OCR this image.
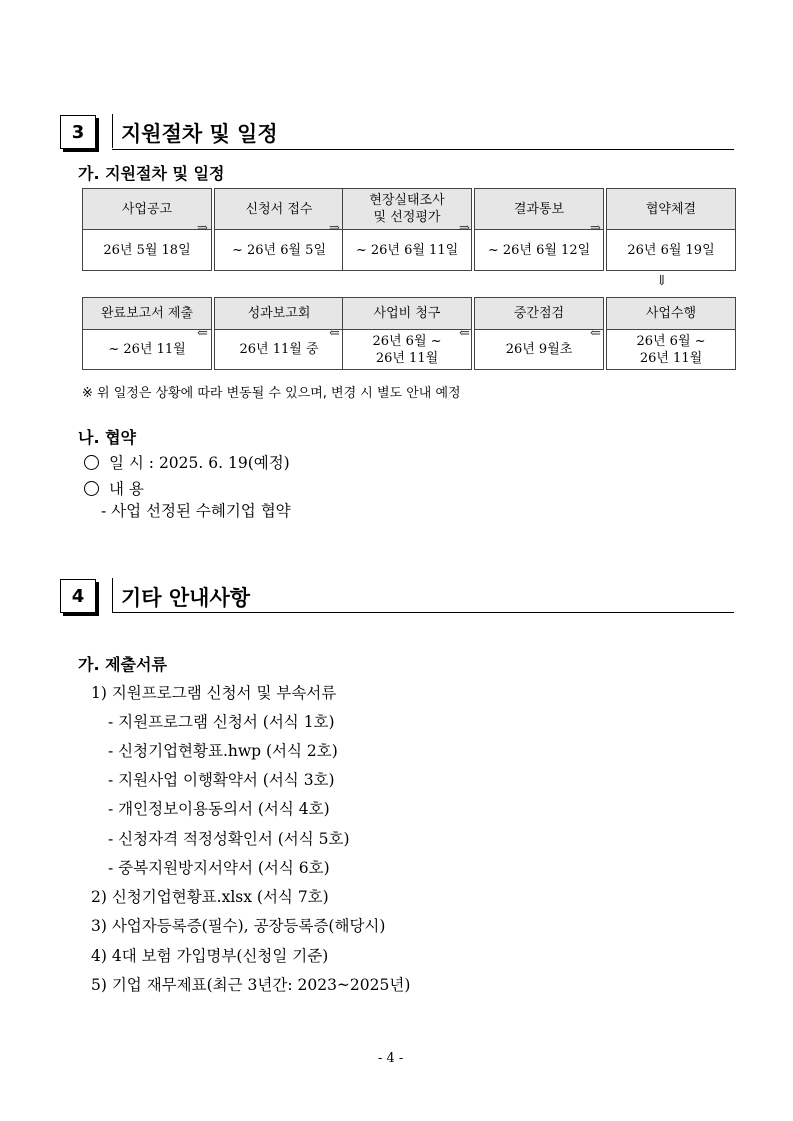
3	지원절차 및 일정
가. 지원절차 및 일정
사업공고
26년 5월 18일
⇒
신청서 접수
~ 26년 6월 5일
⇒
현장실태조사
및 선정평가
~ 26년 6월 11일
⇒
결과통보
~ 26년 6월 12일
⇒
협약체결
26년 6월 19일
⇓
완료보고서 제출
~ 26년 11월
⇐
성과보고회
26년 11월 중
⇐
사업비 청구
26년 6월 ~
26년 11월
⇐
중간점검
26년 9월초
⇐
사업수행
26년 6월 ~
26년 11월
※ 위 일정은 상황에 따라 변동될 수 있으며, 변경 시 별도 안내 예정
나. 협약
일 시 : 2025. 6. 19(예정)
내 용
- 사업 선정된 수혜기업 협약
4	기타 안내사항
가. 제출서류
1) 지원프로그램 신청서 및 부속서류
- 지원프로그램 신청서 (서식 1호)
- 신청기업현황표.hwp (서식 2호)
- 지원사업 이행확약서 (서식 3호)
- 개인정보이용동의서 (서식 4호)
- 신청자격 적정성확인서 (서식 5호)
- 중복지원방지서약서 (서식 6호)
2) 신청기업현황표.xlsx (서식 7호)
3) 사업자등록증(필수), 공장등록증(해당시)
4) 4대 보험 가입명부(신청일 기준)
5) 기업 재무제표(최근 3년간: 2023~2025년)
- 4 -
